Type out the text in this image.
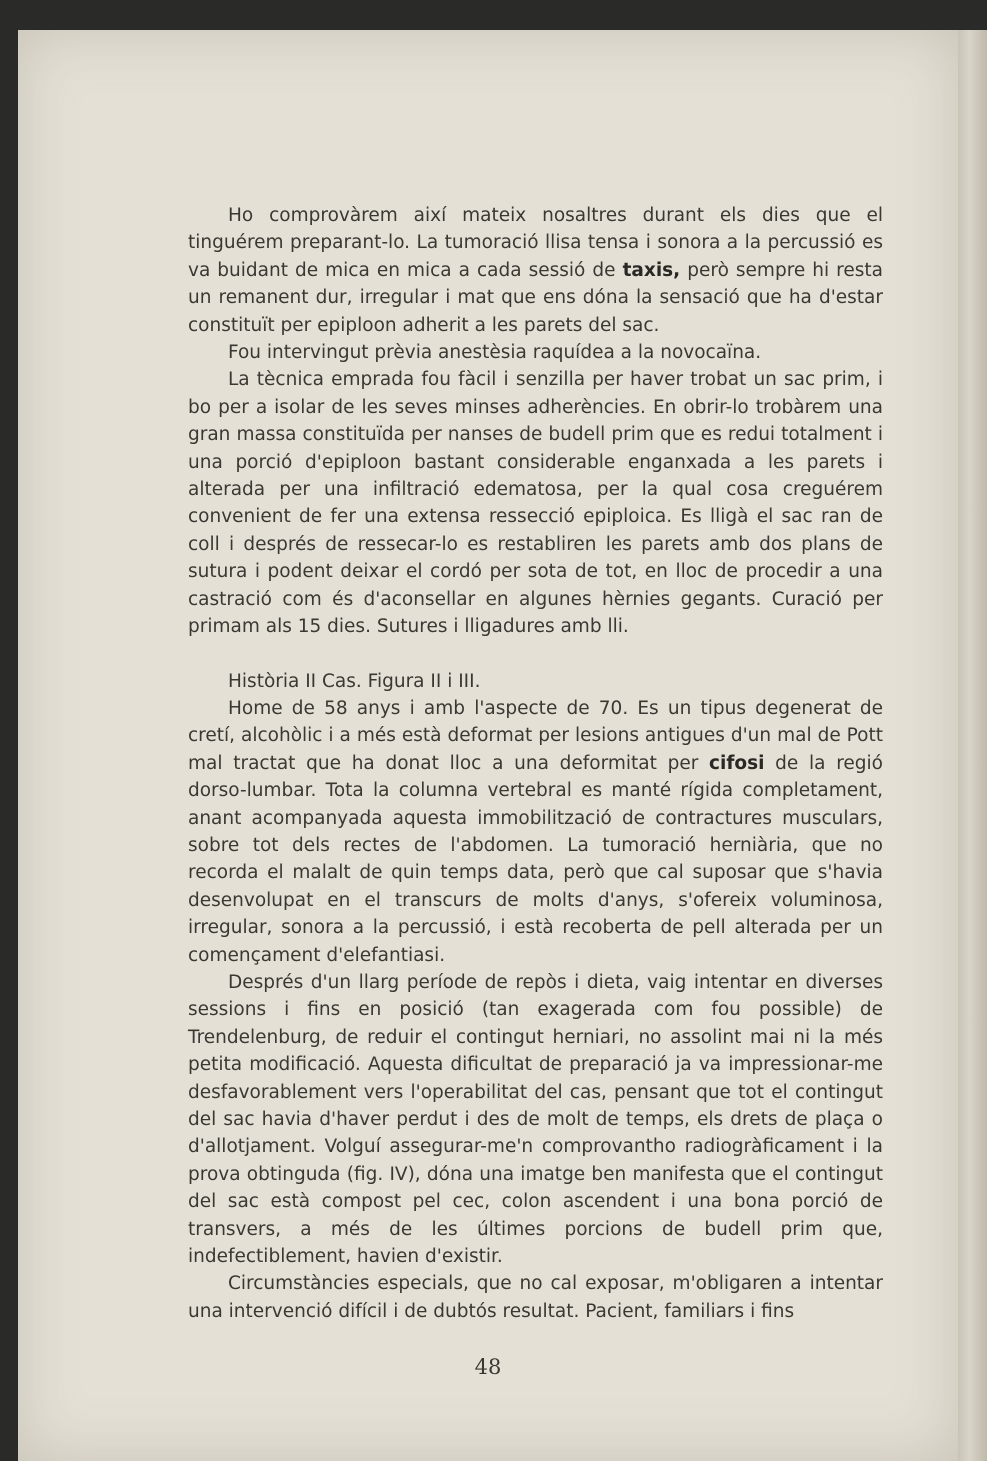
Ho comprovàrem així mateix nosaltres durant els dies que el tinguérem preparant-lo. La tumoració llisa tensa i sonora a la percussió es va buidant de mica en mica a cada sessió de taxis, però sempre hi resta un remanent dur, irregular i mat que ens dóna la sensació que ha d'estar constituït per epiploon adherit a les parets del sac.

Fou intervingut prèvia anestèsia raquídea a la novocaïna.

La tècnica emprada fou fàcil i senzilla per haver trobat un sac prim, i bo per a isolar de les seves minses adherències. En obrir-lo trobàrem una gran massa constituïda per nanses de budell prim que es redui totalment i una porció d'epiploon bastant considerable enganxada a les parets i alterada per una infiltració edematosa, per la qual cosa creguérem convenient de fer una extensa ressecció epiploica. Es lligà el sac ran de coll i després de ressecar-lo es restabliren les parets amb dos plans de sutura i podent deixar el cordó per sota de tot, en lloc de procedir a una castració com és d'aconsellar en algunes hèrnies gegants. Curació per primam als 15 dies. Sutures i lligadures amb lli.

Història II Cas. Figura II i III.

Home de 58 anys i amb l'aspecte de 70. Es un tipus degenerat de cretí, alcohòlic i a més està deformat per lesions antigues d'un mal de Pott mal tractat que ha donat lloc a una deformitat per cifosi de la regió dorso-lumbar. Tota la columna vertebral es manté rígida completament, anant acompanyada aquesta immobilització de contractures musculars, sobre tot dels rectes de l'abdomen. La tumoració herniària, que no recorda el malalt de quin temps data, però que cal suposar que s'havia desenvolupat en el transcurs de molts d'anys, s'ofereix voluminosa, irregular, sonora a la percussió, i està recoberta de pell alterada per un començament d'elefantiasi.

Després d'un llarg període de repòs i dieta, vaig intentar en diverses sessions i fins en posició (tan exagerada com fou possible) de Trendelenburg, de reduir el contingut herniari, no assolint mai ni la més petita modificació. Aquesta dificultat de preparació ja va impressionar-me desfavorablement vers l'operabilitat del cas, pensant que tot el contingut del sac havia d'haver perdut i des de molt de temps, els drets de plaça o d'allotjament. Volguí assegurar-me'n comprovantho radiogràficament i la prova obtinguda (fig. IV), dóna una imatge ben manifesta que el contingut del sac està compost pel cec, colon ascendent i una bona porció de transvers, a més de les últimes porcions de budell prim que, indefectiblement, havien d'existir.

Circumstàncies especials, que no cal exposar, m'obligaren a intentar una intervenció difícil i de dubtós resultat. Pacient, familiars i fins

48
